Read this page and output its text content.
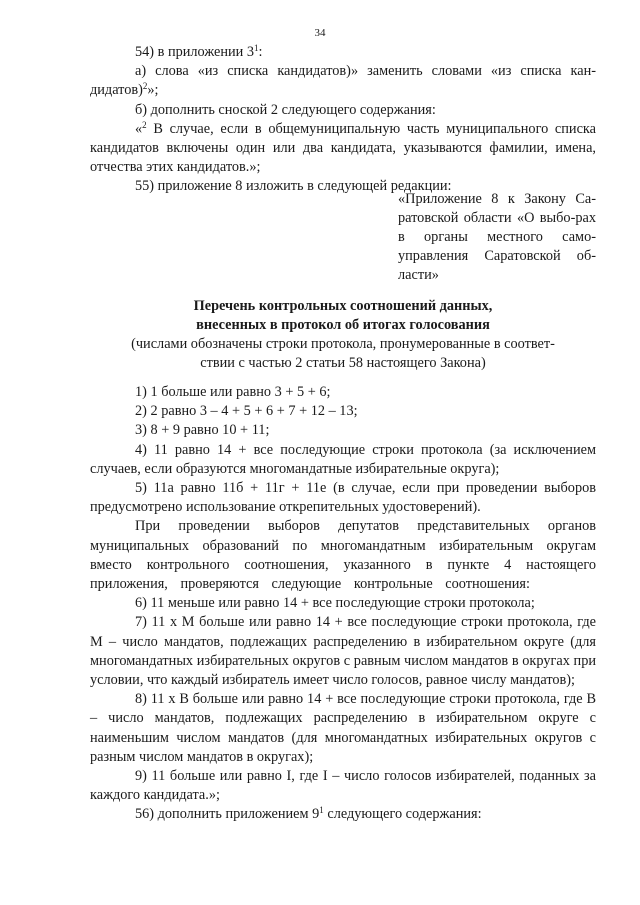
34

54) в приложении $3^1$:

а) слова «из списка кандидатов)» заменить словами «из списка кан-дидатов)$^2$»;

б) дополнить сноской 2 следующего содержания:

«$^2$ В случае, если в общемуниципальную часть муниципального списка кандидатов включены один или два кандидата, указываются фамилии, имена, отчества этих кандидатов.»;

55) приложение 8 изложить в следующей редакции:

«Приложение 8 к Закону Са-ратовской области «О выбо-рах в органы местного само-управления Саратовской об-ласти»

Перечень контрольных соотношений данных,
внесенных в протокол об итогах голосования
(числами обозначены строки протокола, пронумерованные в соответ-
ствии с частью 2 статьи 58 настоящего Закона)

1) 1 больше или равно 3 + 5 + 6;

2) 2 равно 3 – 4 + 5 + 6 + 7 + 12 – 13;

3) 8 + 9 равно 10 + 11;

4) 11 равно 14 + все последующие строки протокола (за исключением случаев, если образуются многомандатные избирательные округа);

5) 11а равно 11б + 11г + 11е (в случае, если при проведении выборов предусмотрено использование открепительных удостоверений).

При проведении выборов депутатов представительных органов муниципальных образований по многомандатным избирательным округам вместо контрольного соотношения, указанного в пункте 4 настоящего приложения, проверяются следующие контрольные соотношения:

6) 11 меньше или равно 14 + все последующие строки протокола;

7) 11 х М больше или равно 14 + все последующие строки протокола, где М – число мандатов, подлежащих распределению в избирательном округе (для многомандатных избирательных округов с равным числом мандатов в округах при условии, что каждый избиратель имеет число голосов, равное числу мандатов);

8) 11 х В больше или равно 14 + все последующие строки протокола, где В – число мандатов, подлежащих распределению в избирательном округе с наименьшим числом мандатов (для многомандатных избирательных округов с разным числом мандатов в округах);

9) 11 больше или равно I, где I – число голосов избирателей, поданных за каждого кандидата.»;

56) дополнить приложением $9^1$ следующего содержания:
